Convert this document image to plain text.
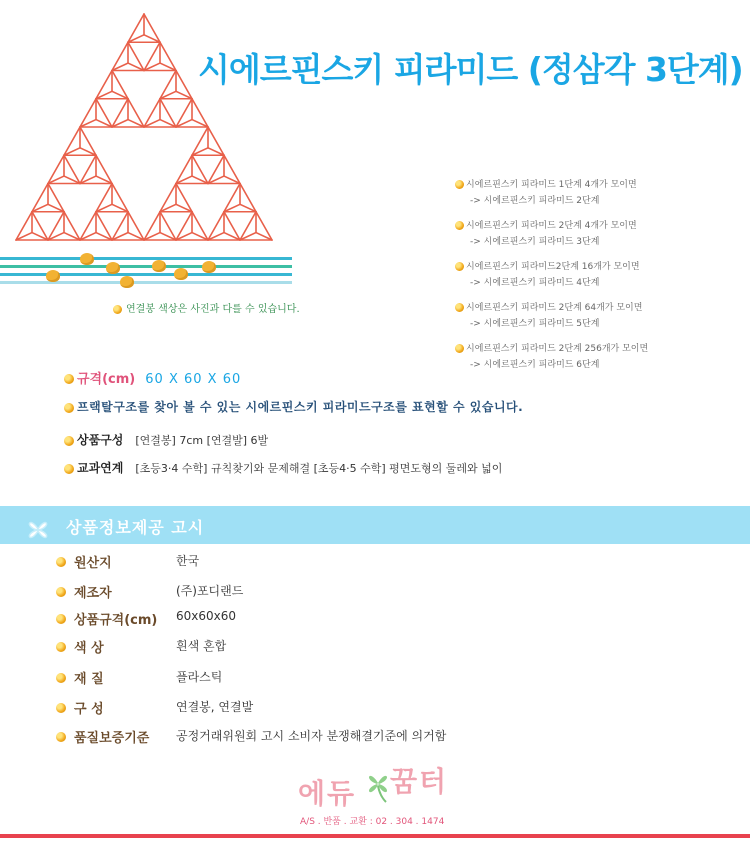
시에르핀스키 피라미드 (정삼각 3단계)
연결봉 색상은 사진과 다를 수 있습니다.
시에르핀스키 피라미드 1단계 4개가 모이면
-> 시에르핀스키 피라미드 2단계
시에르핀스키 피라미드 2단계 4개가 모이면
-> 시에르핀스키 피라미드 3단계
시에르핀스키 피라미드2단계 16개가 모이면
-> 시에르핀스키 피라미드 4단계
시에르핀스키 피라미드 2단계 64개가 모이면
-> 시에르핀스키 피라미드 5단계
시에르핀스키 피라미드 2단계 256개가 모이면
-> 시에르핀스키 피라미드 6단계
규격(cm) 60 X 60 X 60
프랙탈구조를 찾아 볼 수 있는 시에르핀스키 피라미드구조를 표현할 수 있습니다.
상품구성 [연결봉] 7cm [연결발] 6발
교과연계 [초등3·4 수학] 규칙찾기와 문제해결 [초등4·5 수학] 평면도형의 둘레와 넓이
상품정보제공 고시
원산지	한국
제조자	(주)포디랜드
상품규격(cm) 60x60x60
색 상	흰색 혼합
재 질	플라스틱
구 성	연결봉, 연결발
품질보증기준 공정거래위원회 고시 소비자 분쟁해결기준에 의거함
에듀 꿈터
A/S . 반품 . 교환 : 02 . 304 . 1474
